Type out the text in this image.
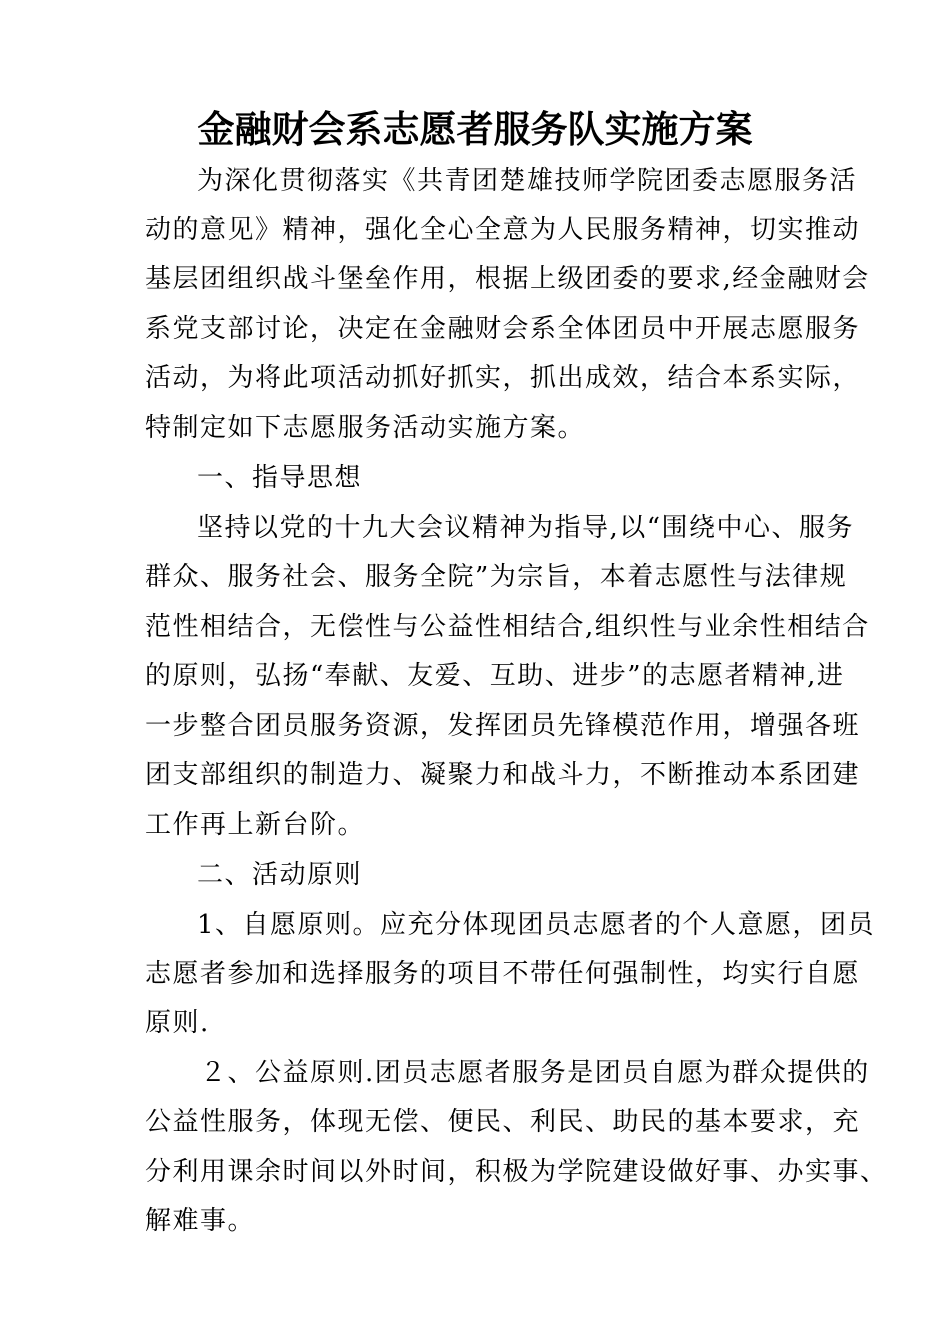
金融财会系志愿者服务队实施方案
为深化贯彻落实《共青团楚雄技师学院团委志愿服务活
动的意见》精神，强化全心全意为人民服务精神，切实推动
基层团组织战斗堡垒作用，根据上级团委的要求,经金融财会
系党支部讨论，决定在金融财会系全体团员中开展志愿服务
活动，为将此项活动抓好抓实，抓出成效，结合本系实际，
特制定如下志愿服务活动实施方案。
一、指导思想
坚持以党的十九大会议精神为指导,以“围绕中心、服务
群众、服务社会、服务全院”为宗旨，本着志愿性与法律规
范性相结合，无偿性与公益性相结合,组织性与业余性相结合
的原则，弘扬“奉献、友爱、互助、进步”的志愿者精神,进
一步整合团员服务资源，发挥团员先锋模范作用，增强各班
团支部组织的制造力、凝聚力和战斗力，不断推动本系团建
工作再上新台阶。
二、活动原则
1、自愿原则。应充分体现团员志愿者的个人意愿，团员
志愿者参加和选择服务的项目不带任何强制性，均实行自愿
原则.
２、公益原则.团员志愿者服务是团员自愿为群众提供的
公益性服务，体现无偿、便民、利民、助民的基本要求，充
分利用课余时间以外时间，积极为学院建设做好事、办实事、
解难事。
